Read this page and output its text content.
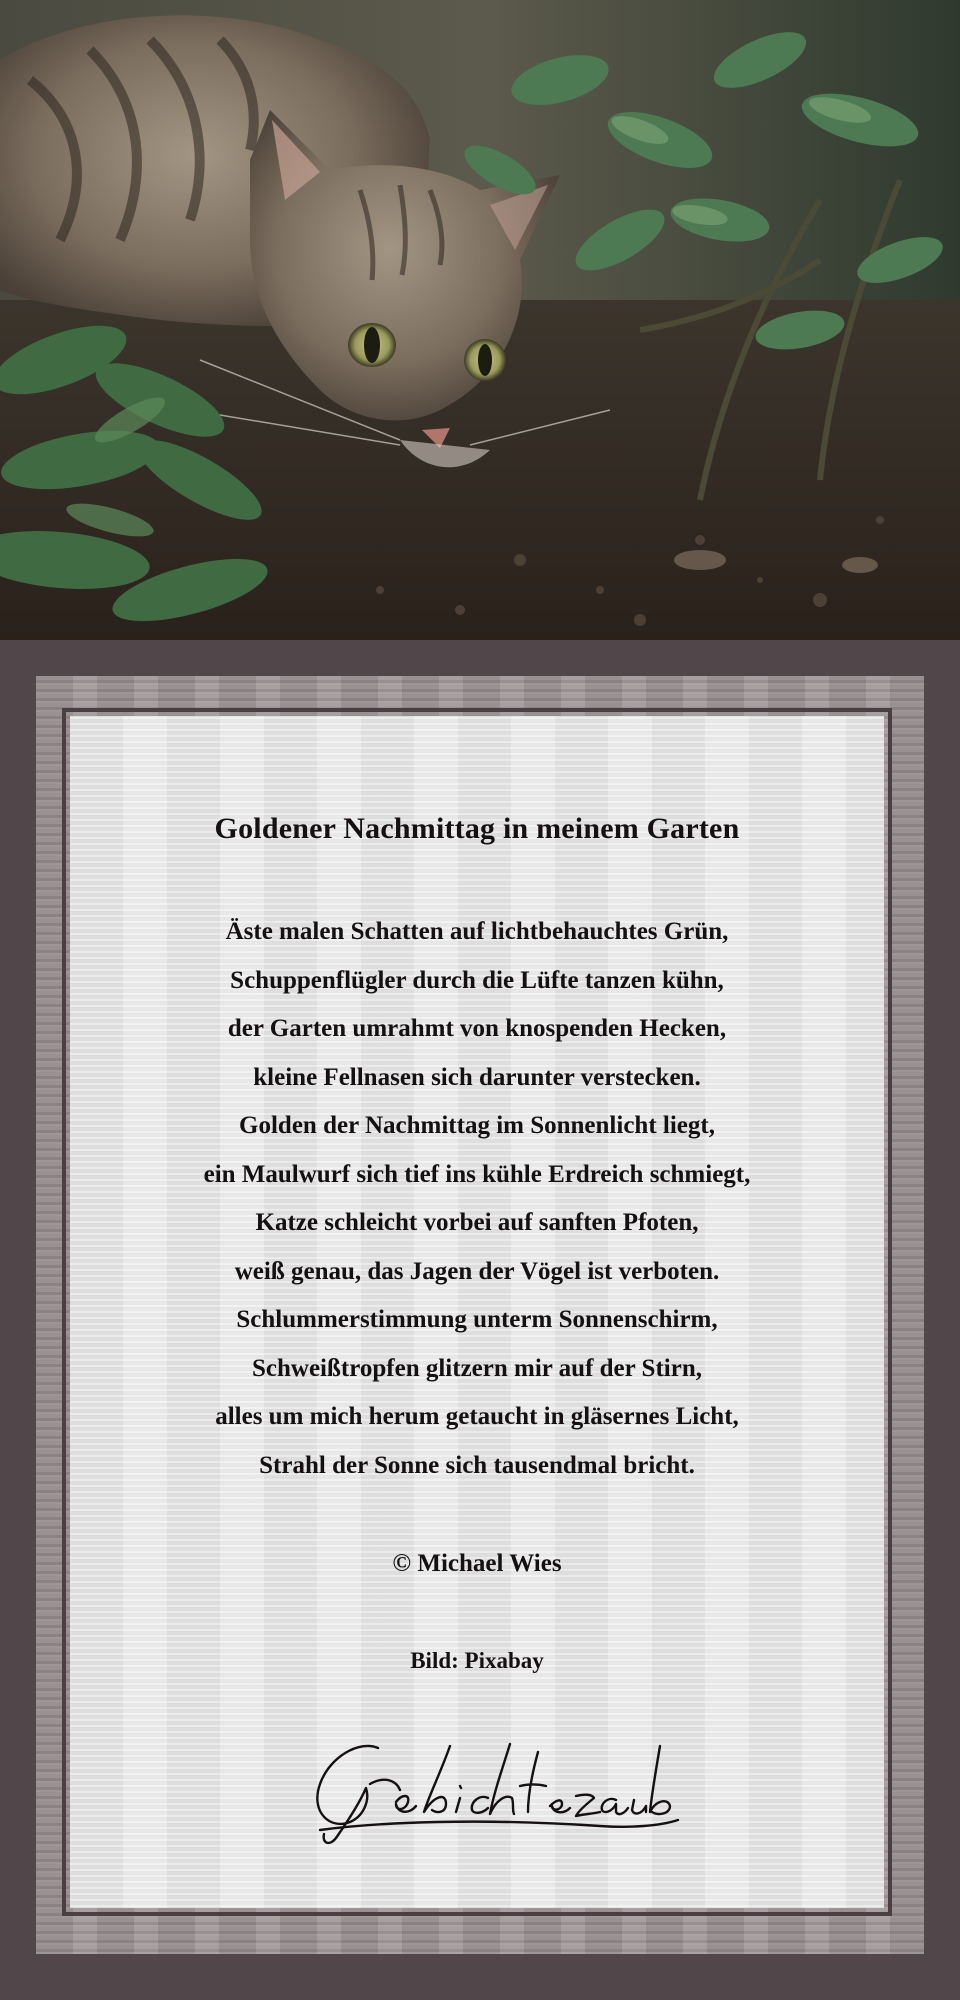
Goldener Nachmittag in meinem Garten
Äste malen Schatten auf lichtbehauchtes Grün,
Schuppenflügler durch die Lüfte tanzen kühn,
der Garten umrahmt von knospenden Hecken,
kleine Fellnasen sich darunter verstecken.
Golden der Nachmittag im Sonnenlicht liegt,
ein Maulwurf sich tief ins kühle Erdreich schmiegt,
Katze schleicht vorbei auf sanften Pfoten,
weiß genau, das Jagen der Vögel ist verboten.
Schlummerstimmung unterm Sonnenschirm,
Schweißtropfen glitzern mir auf der Stirn,
alles um mich herum getaucht in gläsernes Licht,
Strahl der Sonne sich tausendmal bricht.
© Michael Wies
Bild: Pixabay
